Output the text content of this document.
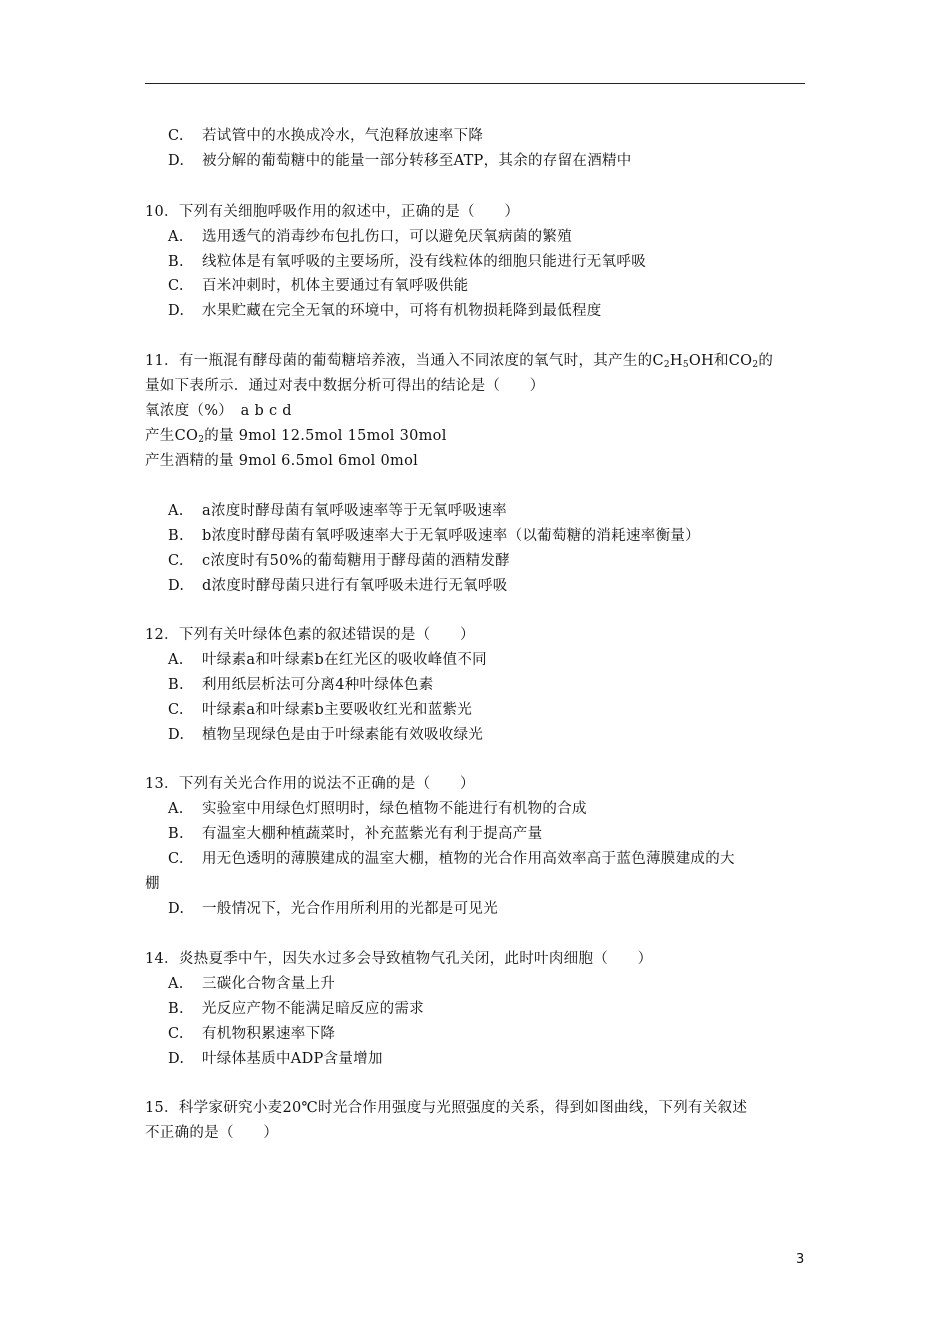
C. 若试管中的水换成冷水，气泡释放速率下降
D. 被分解的葡萄糖中的能量一部分转移至ATP，其余的存留在酒精中
10．下列有关细胞呼吸作用的叙述中，正确的是（　　）
A. 选用透气的消毒纱布包扎伤口，可以避免厌氧病菌的繁殖
B. 线粒体是有氧呼吸的主要场所，没有线粒体的细胞只能进行无氧呼吸
C. 百米冲刺时，机体主要通过有氧呼吸供能
D. 水果贮藏在完全无氧的环境中，可将有机物损耗降到最低程度
11．有一瓶混有酵母菌的葡萄糖培养液，当通入不同浓度的氧气时，其产生的$C_2H_5OH$和$CO_2$的
量如下表所示．通过对表中数据分析可得出的结论是（　　）
氧浓度（%）　a b c d
产生$CO_2$的量 9mol 12.5mol 15mol 30mol
产生酒精的量 9mol 6.5mol 6mol 0mol
A. a浓度时酵母菌有氧呼吸速率等于无氧呼吸速率
B. b浓度时酵母菌有氧呼吸速率大于无氧呼吸速率（以葡萄糖的消耗速率衡量）
C. c浓度时有50%的葡萄糖用于酵母菌的酒精发酵
D. d浓度时酵母菌只进行有氧呼吸未进行无氧呼吸
12．下列有关叶绿体色素的叙述错误的是（　　）
A. 叶绿素a和叶绿素b在红光区的吸收峰值不同
B. 利用纸层析法可分离4种叶绿体色素
C. 叶绿素a和叶绿素b主要吸收红光和蓝紫光
D. 植物呈现绿色是由于叶绿素能有效吸收绿光
13．下列有关光合作用的说法不正确的是（　　）
A. 实验室中用绿色灯照明时，绿色植物不能进行有机物的合成
B. 有温室大棚种植蔬菜时，补充蓝紫光有利于提高产量
C. 用无色透明的薄膜建成的温室大棚，植物的光合作用高效率高于蓝色薄膜建成的大
棚
D. 一般情况下，光合作用所利用的光都是可见光
14．炎热夏季中午，因失水过多会导致植物气孔关闭，此时叶肉细胞（　　）
A. 三碳化合物含量上升
B. 光反应产物不能满足暗反应的需求
C. 有机物积累速率下降
D. 叶绿体基质中ADP含量增加
15．科学家研究小麦20℃时光合作用强度与光照强度的关系，得到如图曲线，下列有关叙述
不正确的是（　　）
3
